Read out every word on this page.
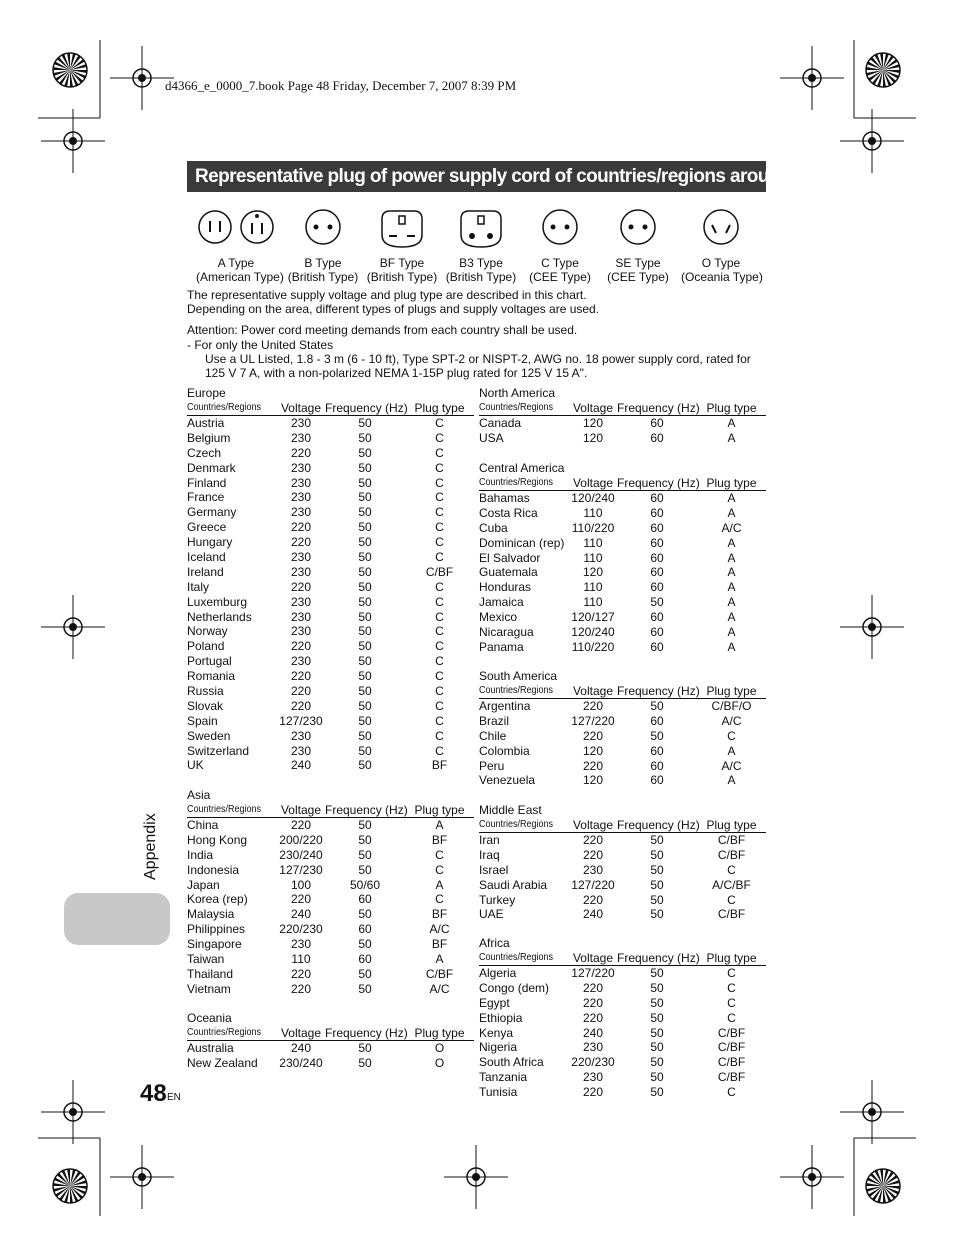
d4366_e_0000_7.book Page 48 Friday, December 7, 2007 8:39 PM
Representative plug of power supply cord of countries/regions around the world
A Type
(American Type)
B Type
(British Type)
BF Type
(British Type)
B3 Type
(British Type)
C Type
(CEE Type)
SE Type
(CEE Type)
O Type
(Oceania Type)
The representative supply voltage and plug type are described in this chart.
Depending on the area, different types of plugs and supply voltages are used.
Attention: Power cord meeting demands from each country shall be used.
- For only the United States
Use a UL Listed, 1.8 - 3 m (6 - 10 ft), Type SPT-2 or NISPT-2, AWG no. 18 power supply cord, rated for
125 V 7 A, with a non-polarized NEMA 1-15P plug rated for 125 V 15 A".
Europe
Countries/Regions	Voltage Frequency (Hz) Plug type
Austria	230	50	C
Belgium	230	50	C
Czech	220	50	C
Denmark	230	50	C
Finland	230	50	C
France	230	50	C
Germany	230	50	C
Greece	220	50	C
Hungary	220	50	C
Iceland	230	50	C
Ireland	230	50	C/BF
Italy	220	50	C
Luxemburg	230	50	C
Netherlands	230	50	C
Norway	230	50	C
Poland	220	50	C
Portugal	230	50	C
Romania	220	50	C
Russia	220	50	C
Slovak	220	50	C
Spain	127/230	50	C
Sweden	230	50	C
Switzerland	230	50	C
UK	240	50	BF
Asia
Countries/Regions	Voltage Frequency (Hz) Plug type
China	220	50	A
Hong Kong	200/220	50	BF
India	230/240	50	C
Indonesia	127/230	50	C
Japan	100	50/60	A
Korea (rep)	220	60	C
Malaysia	240	50	BF
Philippines	220/230	60	A/C
Singapore	230	50	BF
Taiwan	110	60	A
Thailand	220	50	C/BF
Vietnam	220	50	A/C
Oceania
Countries/Regions	Voltage Frequency (Hz) Plug type
Australia	240	50	O
New Zealand	230/240	50	O
North America
Countries/Regions	Voltage Frequency (Hz) Plug type
Canada	120	60	A
USA	120	60	A
Central America
Countries/Regions	Voltage Frequency (Hz) Plug type
Bahamas	120/240	60	A
Costa Rica	110	60	A
Cuba	110/220	60	A/C
Dominican (rep)	110	60	A
El Salvador	110	60	A
Guatemala	120	60	A
Honduras	110	60	A
Jamaica	110	50	A
Mexico	120/127	60	A
Nicaragua	120/240	60	A
Panama	110/220	60	A
South America
Countries/Regions	Voltage Frequency (Hz) Plug type
Argentina	220	50	C/BF/O
Brazil	127/220	60	A/C
Chile	220	50	C
Colombia	120	60	A
Peru	220	60	A/C
Venezuela	120	60	A
Middle East
Countries/Regions	Voltage Frequency (Hz) Plug type
Iran	220	50	C/BF
Iraq	220	50	C/BF
Israel	230	50	C
Saudi Arabia	127/220	50	A/C/BF
Turkey	220	50	C
UAE	240	50	C/BF
Africa
Countries/Regions	Voltage Frequency (Hz) Plug type
Algeria	127/220	50	C
Congo (dem)	220	50	C
Egypt	220	50	C
Ethiopia	220	50	C
Kenya	240	50	C/BF
Nigeria	230	50	C/BF
South Africa	220/230	50	C/BF
Tanzania	230	50	C/BF
Tunisia	220	50	C
Appendix
48 EN
